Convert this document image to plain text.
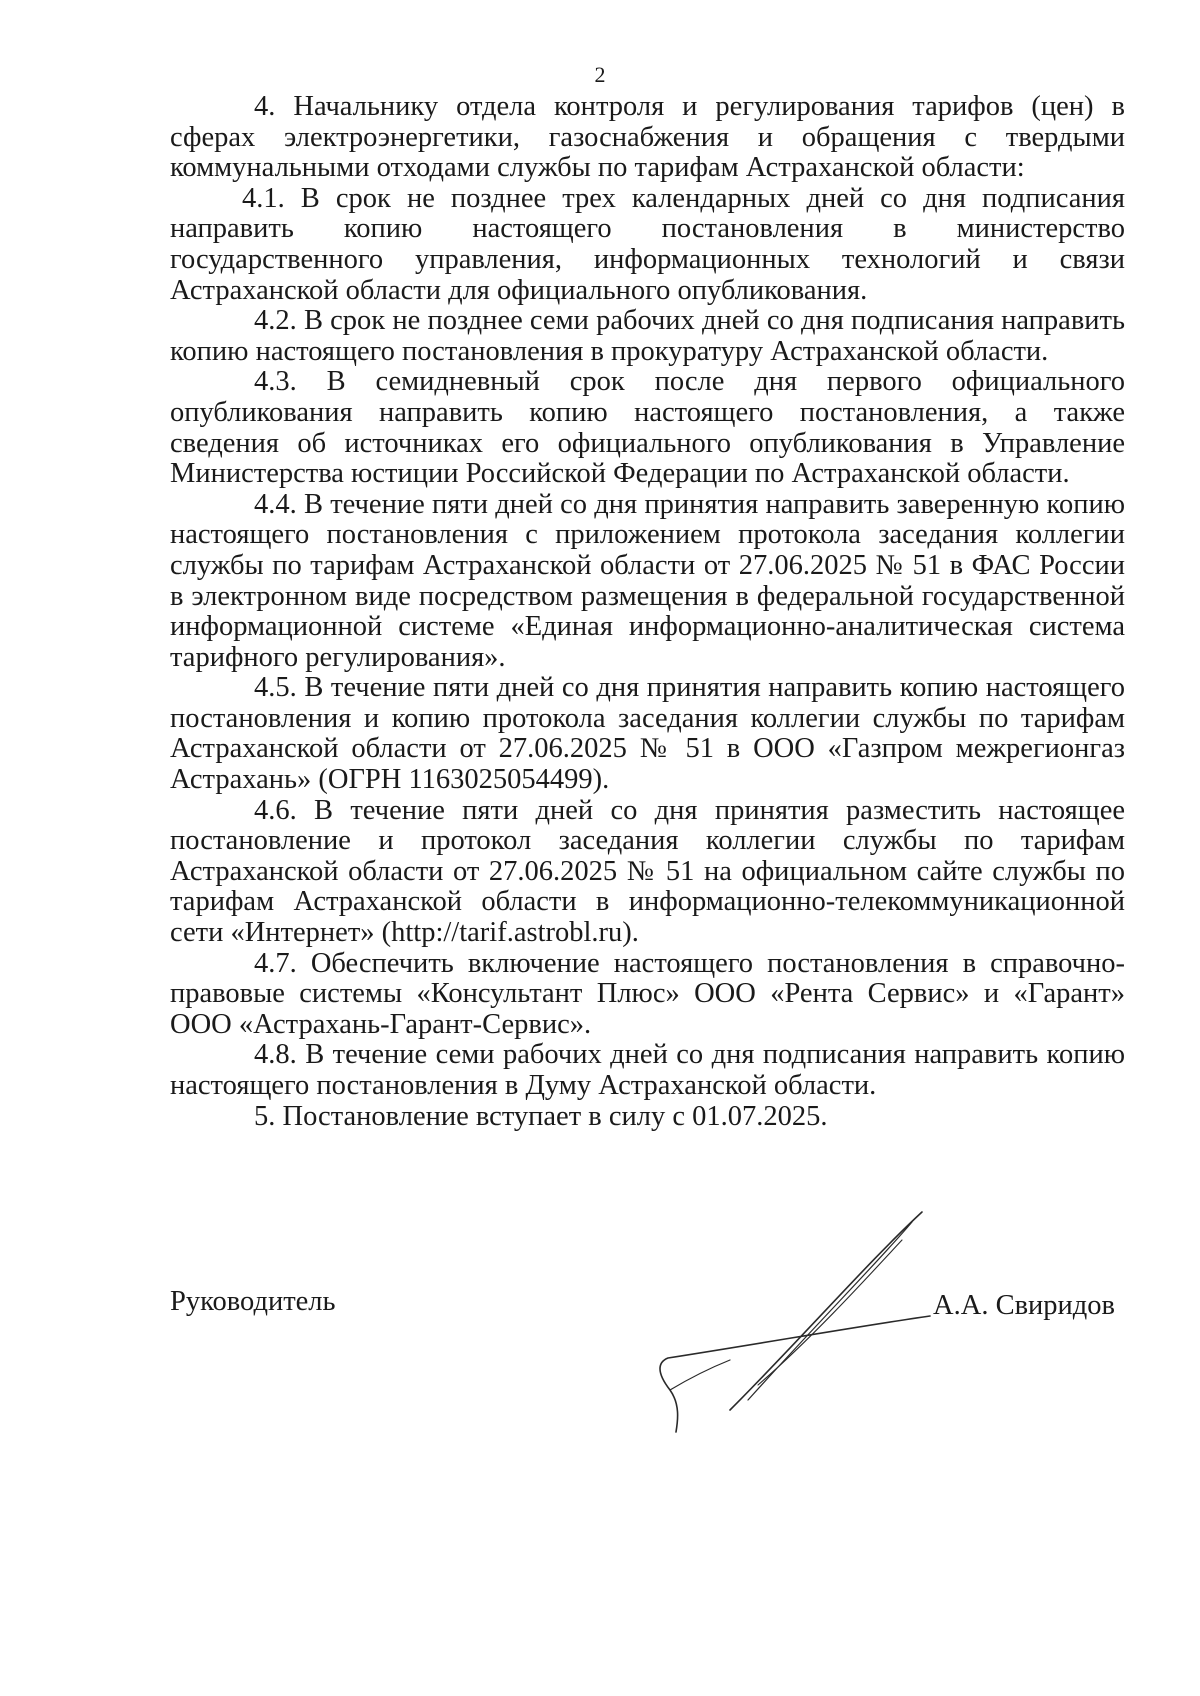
2

4. Начальнику отдела контроля и регулирования тарифов (цен) в сферах электроэнергетики, газоснабжения и обращения с твердыми коммунальными отходами службы по тарифам Астраханской области:

4.1. В срок не позднее трех календарных дней со дня подписания направить копию настоящего постановления в министерство государственного управления, информационных технологий и связи Астраханской области для официального опубликования.

4.2. В срок не позднее семи рабочих дней со дня подписания направить копию настоящего постановления в прокуратуру Астраханской области.

4.3. В семидневный срок после дня первого официального опубликования направить копию настоящего постановления, а также сведения об источниках его официального опубликования в Управление Министерства юстиции Российской Федерации по Астраханской области.

4.4. В течение пяти дней со дня принятия направить заверенную копию настоящего постановления с приложением протокола заседания коллегии службы по тарифам Астраханской области от 27.06.2025 № 51 в ФАС России в электронном виде посредством размещения в федеральной государственной информационной системе «Единая информационно-аналитическая система тарифного регулирования».

4.5. В течение пяти дней со дня принятия направить копию настоящего постановления и копию протокола заседания коллегии службы по тарифам Астраханской области от 27.06.2025 № 51 в ООО «Газпром межрегионгаз Астрахань» (ОГРН 1163025054499).

4.6. В течение пяти дней со дня принятия разместить настоящее постановление и протокол заседания коллегии службы по тарифам Астраханской области от 27.06.2025 № 51 на официальном сайте службы по тарифам Астраханской области в информационно-телекоммуникационной сети «Интернет» (http://tarif.astrobl.ru).

4.7. Обеспечить включение настоящего постановления в справочно-правовые системы «Консультант Плюс» ООО «Рента Сервис» и «Гарант» ООО «Астрахань-Гарант-Сервис».

4.8. В течение семи рабочих дней со дня подписания направить копию настоящего постановления в Думу Астраханской области.

5. Постановление вступает в силу с 01.07.2025.

Руководитель	А.А. Свиридов
